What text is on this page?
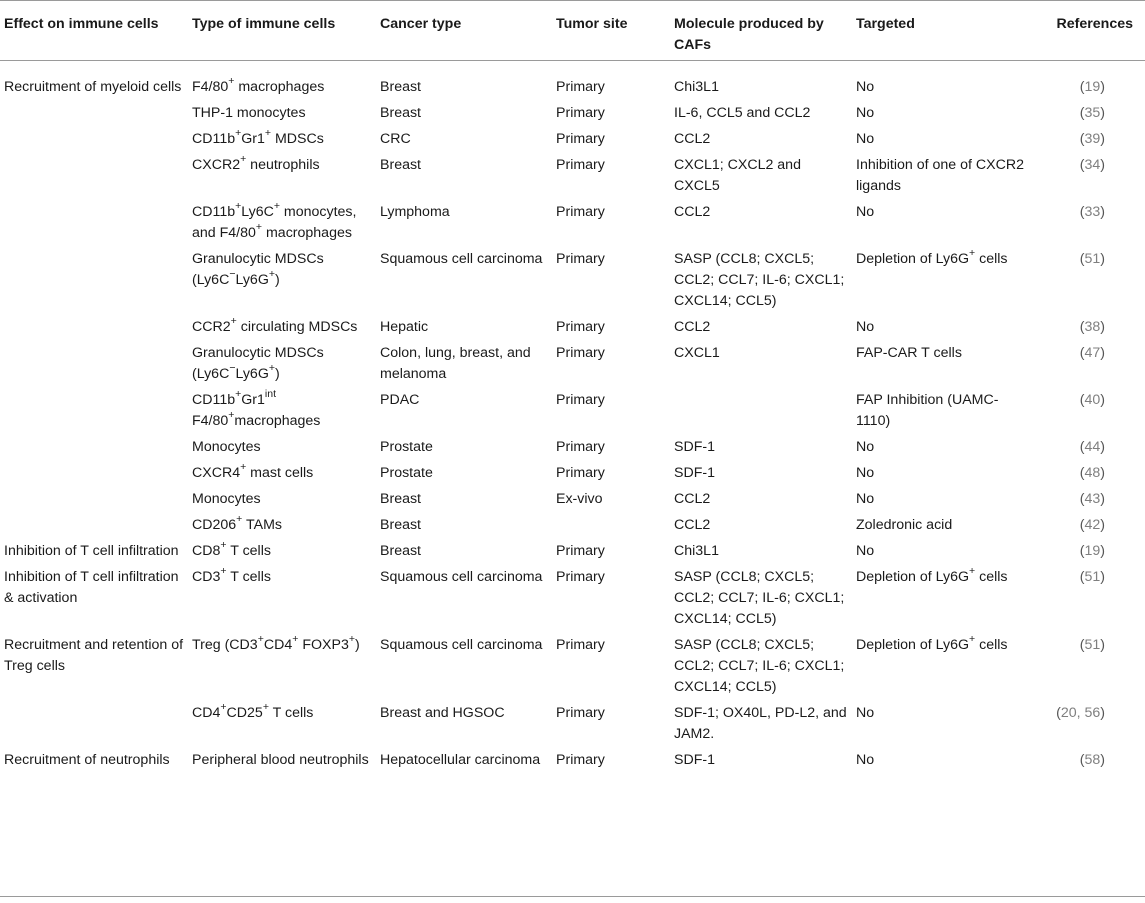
Effect on immune cells	Type of immune cells	Cancer type	Tumor site	Molecule produced by CAFs	Targeted	References
Recruitment of myeloid cells	F4/80+ macrophages	Breast	Primary	Chi3L1	No	(19)
	THP-1 monocytes	Breast	Primary	IL-6, CCL5 and CCL2	No	(35)
	CD11b+Gr1+ MDSCs	CRC	Primary	CCL2	No	(39)
	CXCR2+ neutrophils	Breast	Primary	CXCL1; CXCL2 and CXCL5	Inhibition of one of CXCR2 ligands	(34)
	CD11b+Ly6C+ monocytes, and F4/80+ macrophages	Lymphoma	Primary	CCL2	No	(33)
	Granulocytic MDSCs (Ly6C−Ly6G+)	Squamous cell carcinoma	Primary	SASP (CCL8; CXCL5; CCL2; CCL7; IL-6; CXCL1; CXCL14; CCL5)	Depletion of Ly6G+ cells	(51)
	CCR2+ circulating MDSCs	Hepatic	Primary	CCL2	No	(38)
	Granulocytic MDSCs (Ly6C−Ly6G+)	Colon, lung, breast, and melanoma	Primary	CXCL1	FAP-CAR T cells	(47)
	$CD11b^+Gr1^{int}$ F4/80+macrophages	PDAC	Primary		FAP Inhibition (UAMC-1110)	(40)
	Monocytes	Prostate	Primary	SDF-1	No	(44)
	CXCR4+ mast cells	Prostate	Primary	SDF-1	No	(48)
	Monocytes	Breast	Ex-vivo	CCL2	No	(43)
	CD206+ TAMs	Breast		CCL2	Zoledronic acid	(42)
Inhibition of T cell infiltration	CD8+ T cells	Breast	Primary	Chi3L1	No	(19)
Inhibition of T cell infiltration & activation	CD3+ T cells	Squamous cell carcinoma	Primary	SASP (CCL8; CXCL5; CCL2; CCL7; IL-6; CXCL1; CXCL14; CCL5)	Depletion of Ly6G+ cells	(51)
Recruitment and retention of Treg cells	Treg (CD3+CD4+ FOXP3+)	Squamous cell carcinoma	Primary	SASP (CCL8; CXCL5; CCL2; CCL7; IL-6; CXCL1; CXCL14; CCL5)	Depletion of Ly6G+ cells	(51)
	CD4+CD25+ T cells	Breast and HGSOC	Primary	SDF-1; OX40L, PD-L2, and JAM2.	No	(20, 56)
Recruitment of neutrophils	Peripheral blood neutrophils	Hepatocellular carcinoma	Primary	SDF-1	No	(58)
